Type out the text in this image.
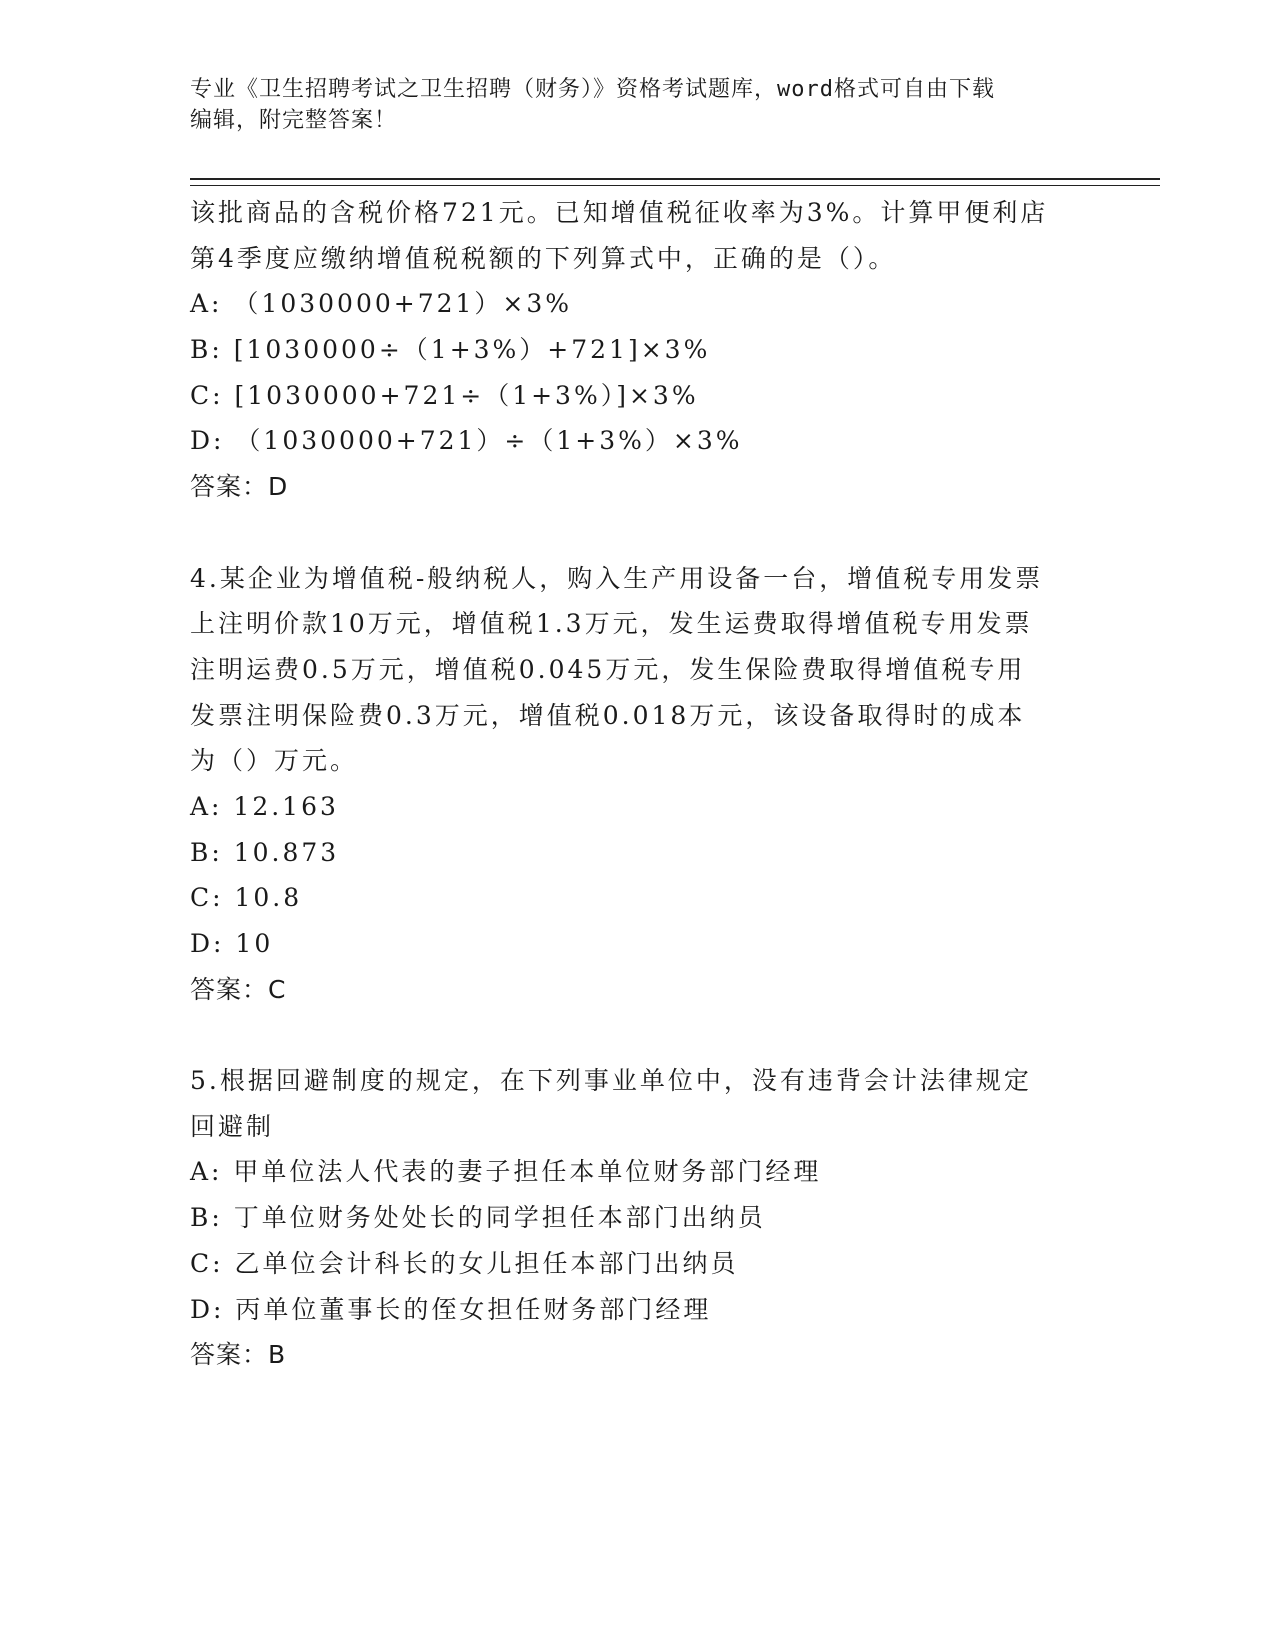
专业《卫生招聘考试之卫生招聘（财务）》资格考试题库，word格式可自由下载
编辑，附完整答案！
该批商品的含税价格721元。已知增值税征收率为3%。计算甲便利店
第4季度应缴纳增值税税额的下列算式中，正确的是（）。
A: （1030000+721）×3%
B: [1030000÷（1+3%）+721]×3%
C: [1030000+721÷（1+3%）]×3%
D: （1030000+721）÷（1+3%）×3%
答案：D
4.某企业为增值税-般纳税人，购入生产用设备一台，增值税专用发票
上注明价款10万元，增值税1.3万元，发生运费取得增值税专用发票
注明运费0.5万元，增值税0.045万元，发生保险费取得增值税专用
发票注明保险费0.3万元，增值税0.018万元，该设备取得时的成本
为（）万元。
A: 12.163
B: 10.873
C: 10.8
D: 10
答案：C
5.根据回避制度的规定，在下列事业单位中，没有违背会计法律规定
回避制
A: 甲单位法人代表的妻子担任本单位财务部门经理
B: 丁单位财务处处长的同学担任本部门出纳员
C: 乙单位会计科长的女儿担任本部门出纳员
D: 丙单位董事长的侄女担任财务部门经理
答案：B
